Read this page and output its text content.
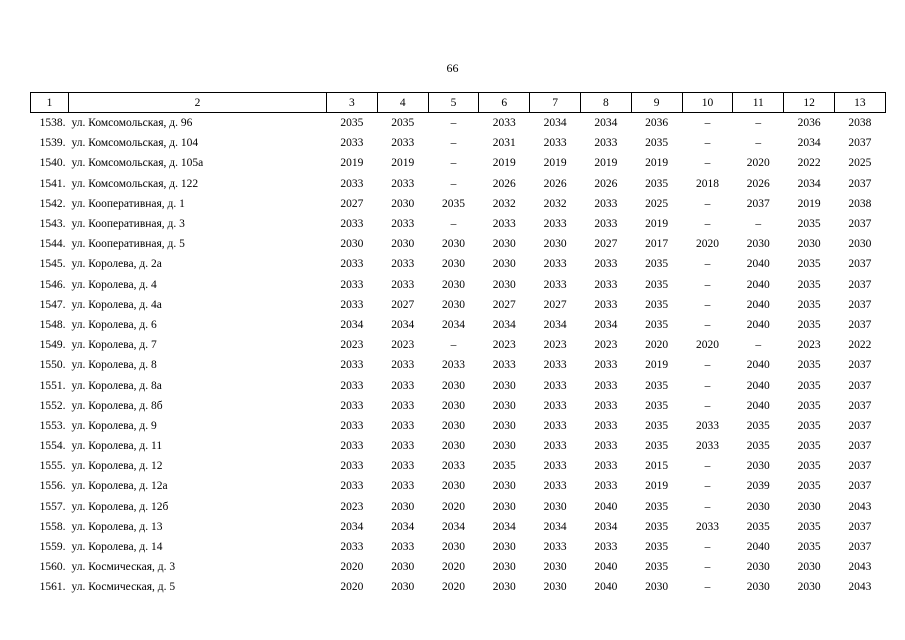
66
1	2	3	4	5	6	7	8	9	10	11	12	13
1538.	ул. Комсомольская, д. 96	2035	2035	–	2033	2034	2034	2036	–	–	2036	2038
1539.	ул. Комсомольская, д. 104	2033	2033	–	2031	2033	2033	2035	–	–	2034	2037
1540.	ул. Комсомольская, д. 105а	2019	2019	–	2019	2019	2019	2019	–	2020	2022	2025
1541.	ул. Комсомольская, д. 122	2033	2033	–	2026	2026	2026	2035	2018	2026	2034	2037
1542.	ул. Кооперативная, д. 1	2027	2030	2035	2032	2032	2033	2025	–	2037	2019	2038
1543.	ул. Кооперативная, д. 3	2033	2033	–	2033	2033	2033	2019	–	–	2035	2037
1544.	ул. Кооперативная, д. 5	2030	2030	2030	2030	2030	2027	2017	2020	2030	2030	2030
1545.	ул. Королева, д. 2а	2033	2033	2030	2030	2033	2033	2035	–	2040	2035	2037
1546.	ул. Королева, д. 4	2033	2033	2030	2030	2033	2033	2035	–	2040	2035	2037
1547.	ул. Королева, д. 4а	2033	2027	2030	2027	2027	2033	2035	–	2040	2035	2037
1548.	ул. Королева, д. 6	2034	2034	2034	2034	2034	2034	2035	–	2040	2035	2037
1549.	ул. Королева, д. 7	2023	2023	–	2023	2023	2023	2020	2020	–	2023	2022
1550.	ул. Королева, д. 8	2033	2033	2033	2033	2033	2033	2019	–	2040	2035	2037
1551.	ул. Королева, д. 8а	2033	2033	2030	2030	2033	2033	2035	–	2040	2035	2037
1552.	ул. Королева, д. 8б	2033	2033	2030	2030	2033	2033	2035	–	2040	2035	2037
1553.	ул. Королева, д. 9	2033	2033	2030	2030	2033	2033	2035	2033	2035	2035	2037
1554.	ул. Королева, д. 11	2033	2033	2030	2030	2033	2033	2035	2033	2035	2035	2037
1555.	ул. Королева, д. 12	2033	2033	2033	2035	2033	2033	2015	–	2030	2035	2037
1556.	ул. Королева, д. 12а	2033	2033	2030	2030	2033	2033	2019	–	2039	2035	2037
1557.	ул. Королева, д. 12б	2023	2030	2020	2030	2030	2040	2035	–	2030	2030	2043
1558.	ул. Королева, д. 13	2034	2034	2034	2034	2034	2034	2035	2033	2035	2035	2037
1559.	ул. Королева, д. 14	2033	2033	2030	2030	2033	2033	2035	–	2040	2035	2037
1560.	ул. Космическая, д. 3	2020	2030	2020	2030	2030	2040	2035	–	2030	2030	2043
1561.	ул. Космическая, д. 5	2020	2030	2020	2030	2030	2040	2030	–	2030	2030	2043
